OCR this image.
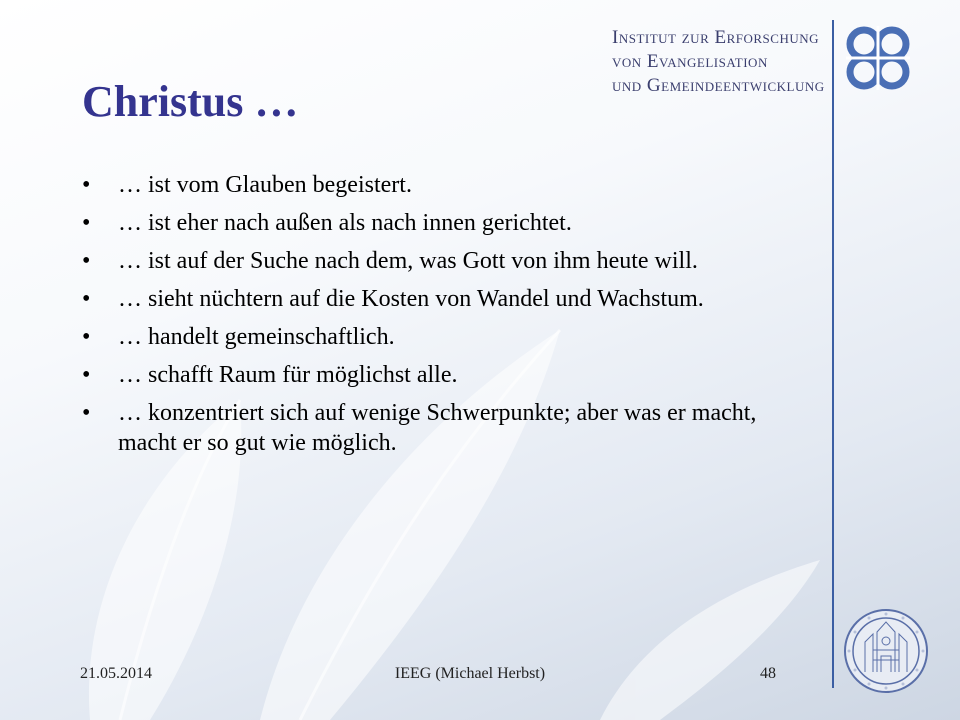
Institut zur Erforschung
von Evangelisation
und Gemeindeentwicklung
Christus …
• … ist vom Glauben begeistert.
• … ist eher nach außen als nach innen gerichtet.
• … ist auf der Suche nach dem, was Gott von ihm heute will.
• … sieht nüchtern auf die Kosten von Wandel und Wachstum.
• … handelt gemeinschaftlich.
• … schafft Raum für möglichst alle.
• … konzentriert sich auf wenige Schwerpunkte; aber was er macht, macht er so gut wie möglich.
21.05.2014	IEEG (Michael Herbst)	48
